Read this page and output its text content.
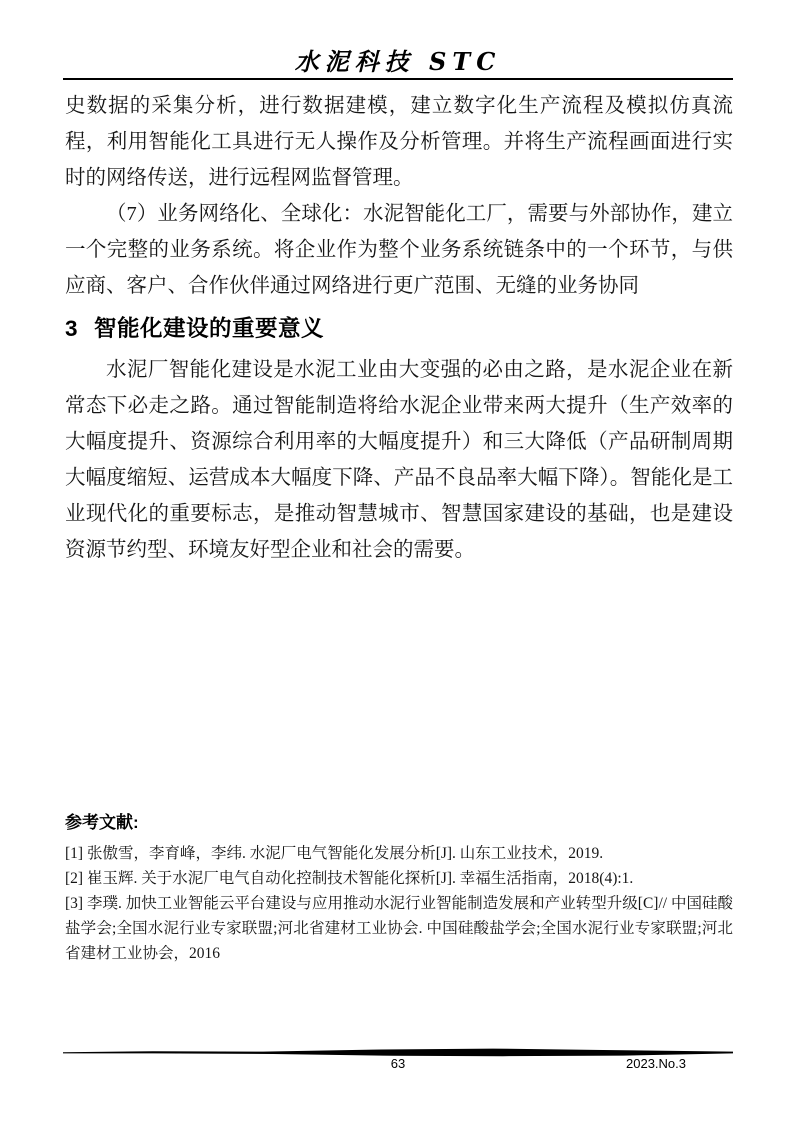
水泥科技 STC

史数据的采集分析，进行数据建模，建立数字化生产流程及模拟仿真流程，利用智能化工具进行无人操作及分析管理。并将生产流程画面进行实时的网络传送，进行远程网监督管理。

（7）业务网络化、全球化：水泥智能化工厂，需要与外部协作，建立一个完整的业务系统。将企业作为整个业务系统链条中的一个环节，与供应商、客户、合作伙伴通过网络进行更广范围、无缝的业务协同

3 智能化建设的重要意义

水泥厂智能化建设是水泥工业由大变强的必由之路，是水泥企业在新常态下必走之路。通过智能制造将给水泥企业带来两大提升（生产效率的大幅度提升、资源综合利用率的大幅度提升）和三大降低（产品研制周期大幅度缩短、运营成本大幅度下降、产品不良品率大幅下降）。智能化是工业现代化的重要标志，是推动智慧城市、智慧国家建设的基础，也是建设资源节约型、环境友好型企业和社会的需要。

参考文献:

[1] 张傲雪，李育峰，李纬. 水泥厂电气智能化发展分析[J]. 山东工业技术，2019.

[2] 崔玉辉. 关于水泥厂电气自动化控制技术智能化探析[J]. 幸福生活指南，2018(4):1.

[3] 李璞. 加快工业智能云平台建设与应用推动水泥行业智能制造发展和产业转型升级[C]// 中国硅酸盐学会;全国水泥行业专家联盟;河北省建材工业协会. 中国硅酸盐学会;全国水泥行业专家联盟;河北省建材工业协会，2016

63	2023.No.3
